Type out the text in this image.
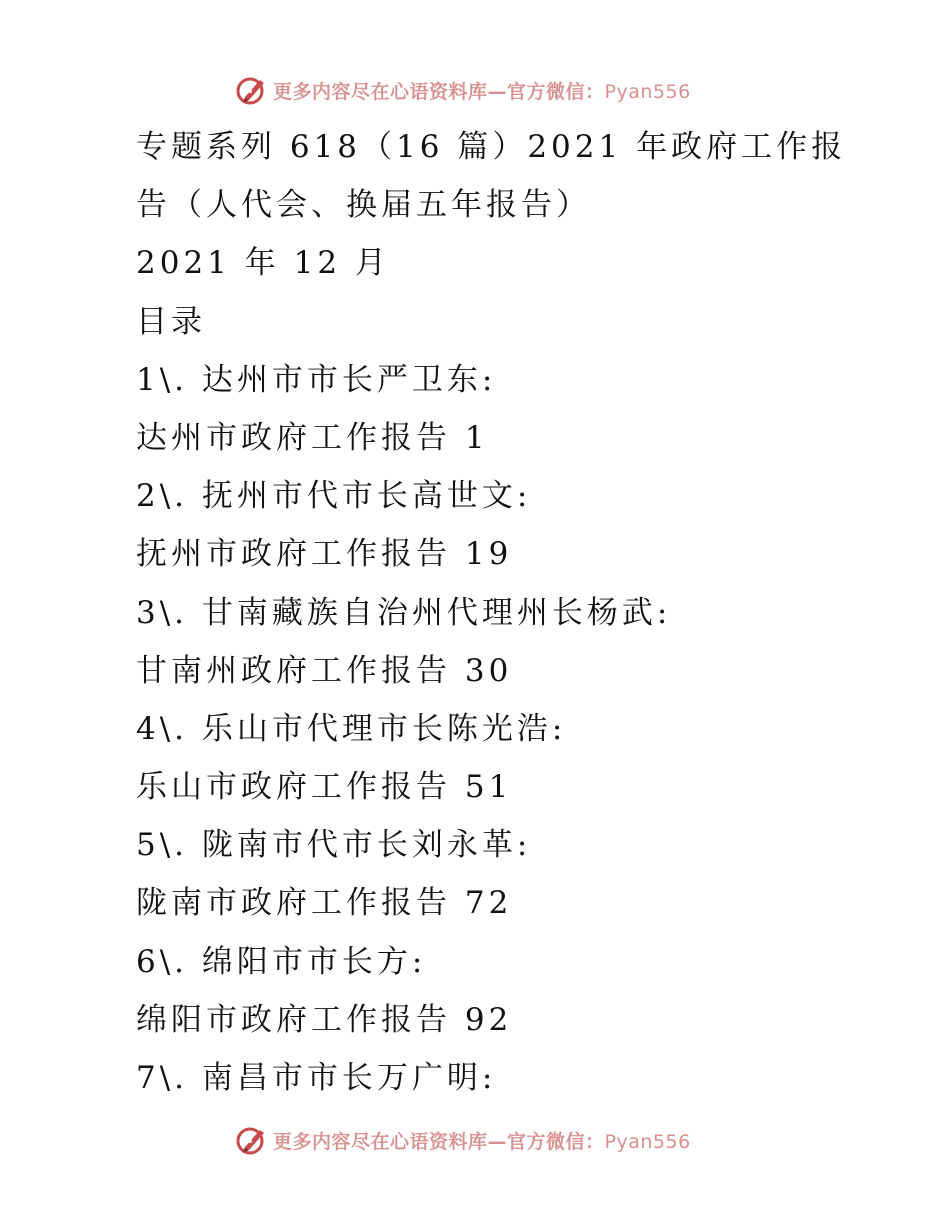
更多内容尽在心语资料库—官方微信：Pyan556
专题系列 618（16 篇）2021 年政府工作报
告（人代会、换届五年报告）
2021 年 12 月
目录
1\. 达州市市长严卫东:
达州市政府工作报告 1
2\. 抚州市代市长高世文:
抚州市政府工作报告 19
3\. 甘南藏族自治州代理州长杨武:
甘南州政府工作报告 30
4\. 乐山市代理市长陈光浩:
乐山市政府工作报告 51
5\. 陇南市代市长刘永革:
陇南市政府工作报告 72
6\. 绵阳市市长方:
绵阳市政府工作报告 92
7\. 南昌市市长万广明:
更多内容尽在心语资料库—官方微信：Pyan556
